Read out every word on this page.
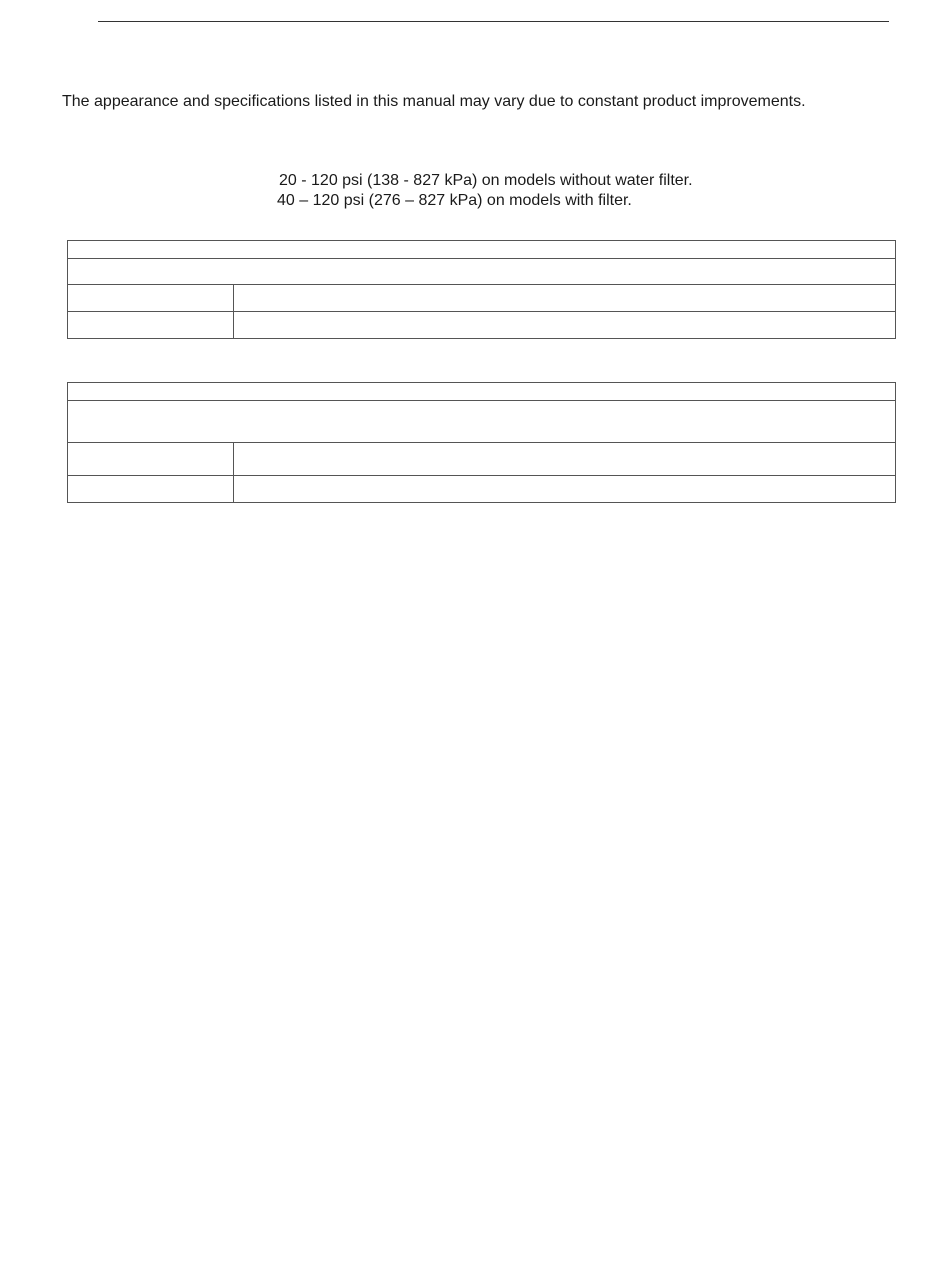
The appearance and specifications listed in this manual may vary due to constant product improvements.
20 - 120 psi (138 - 827 kPa) on models without water filter.
40 – 120 psi (276 – 827 kPa) on models with filter.
